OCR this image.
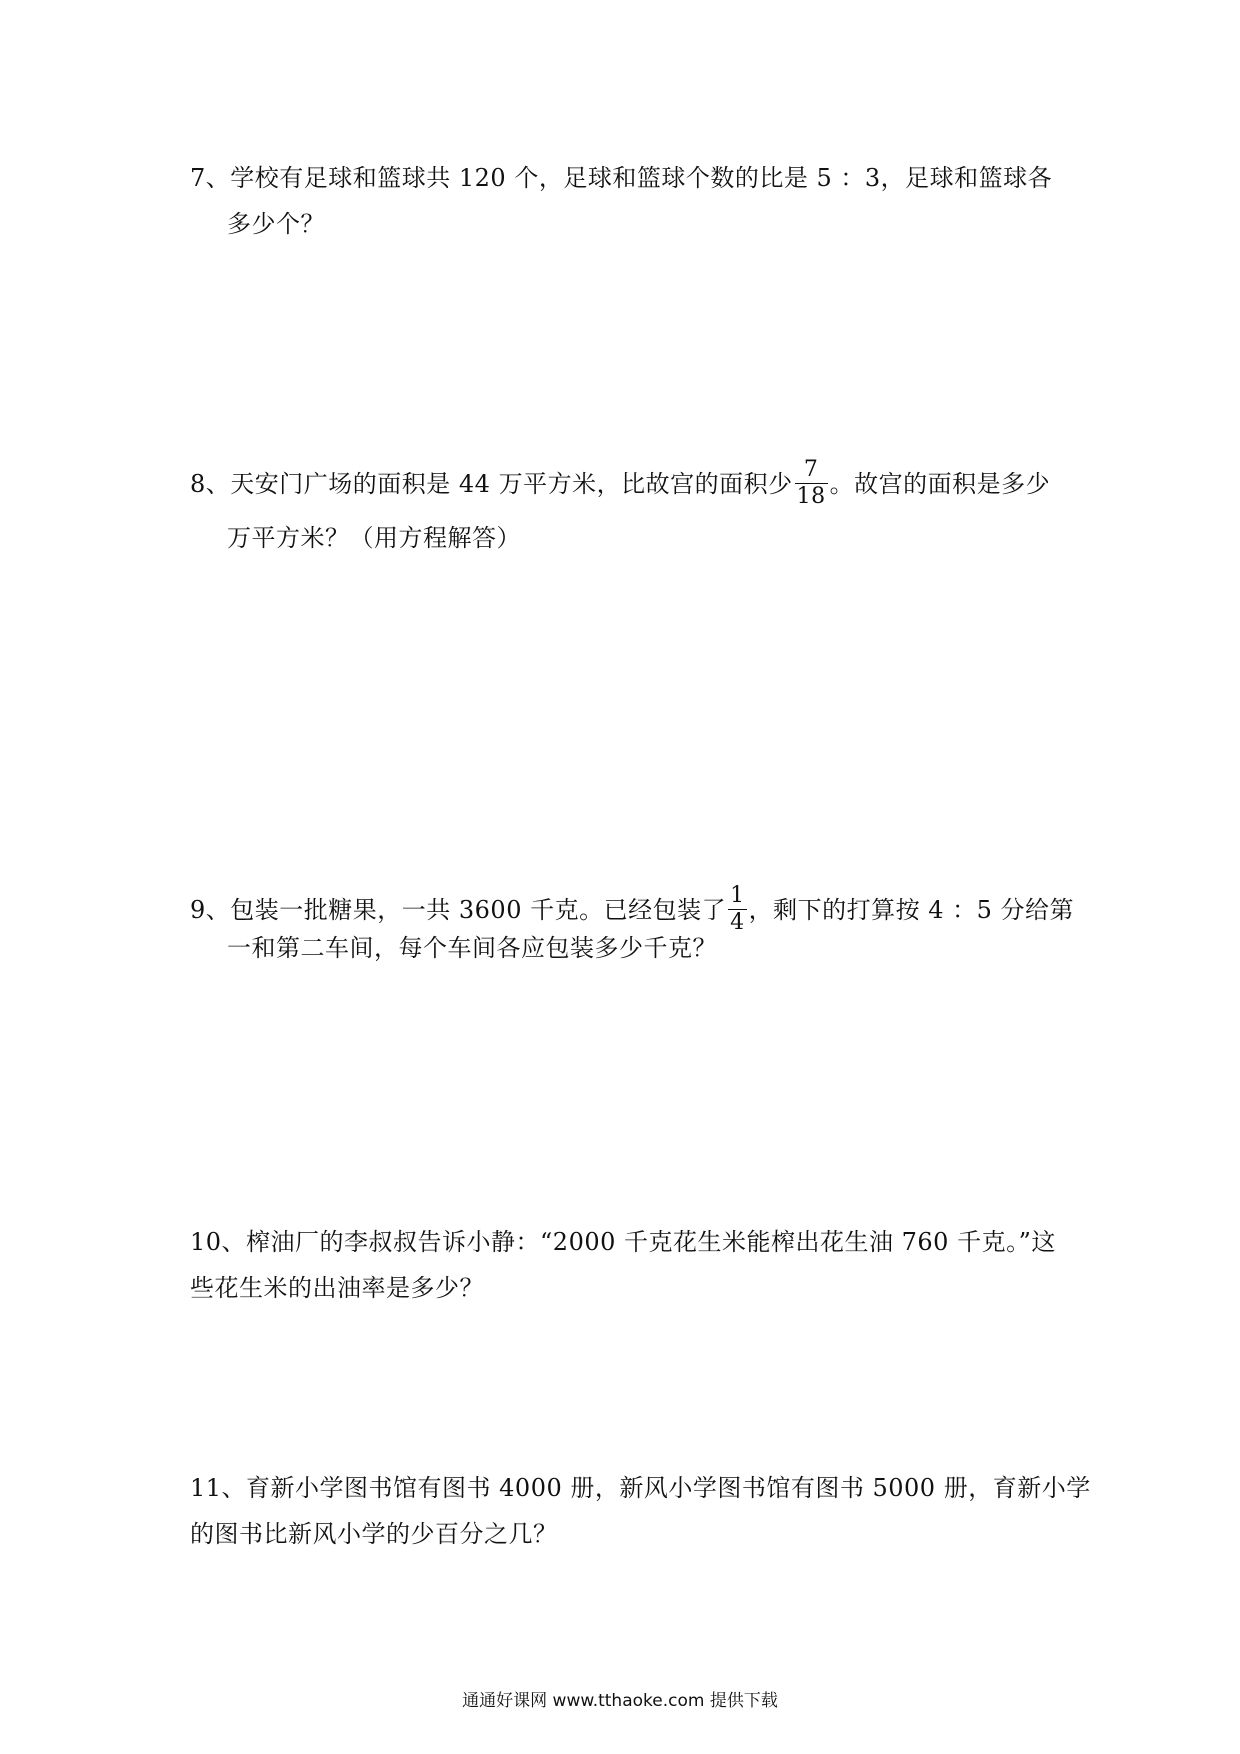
7、学校有足球和篮球共 120 个，足球和篮球个数的比是 5 ：3，足球和篮球各
多少个？
8、天安门广场的面积是 44 万平方米，比故宫的面积少 $\frac{7}{18}$ 。故宫的面积是多少
万平方米？（用方程解答）
9、包装一批糖果，一共 3600 千克。已经包装了 $\frac{1}{4}$ ，剩下的打算按 4 ：5 分给第
一和第二车间，每个车间各应包装多少千克？
10、榨油厂的李叔叔告诉小静：“2000 千克花生米能榨出花生油 760 千克。”这
些花生米的出油率是多少？
11、育新小学图书馆有图书 4000 册，新风小学图书馆有图书 5000 册，育新小学
的图书比新风小学的少百分之几？
通通好课网 www.tthaoke.com 提供下载
